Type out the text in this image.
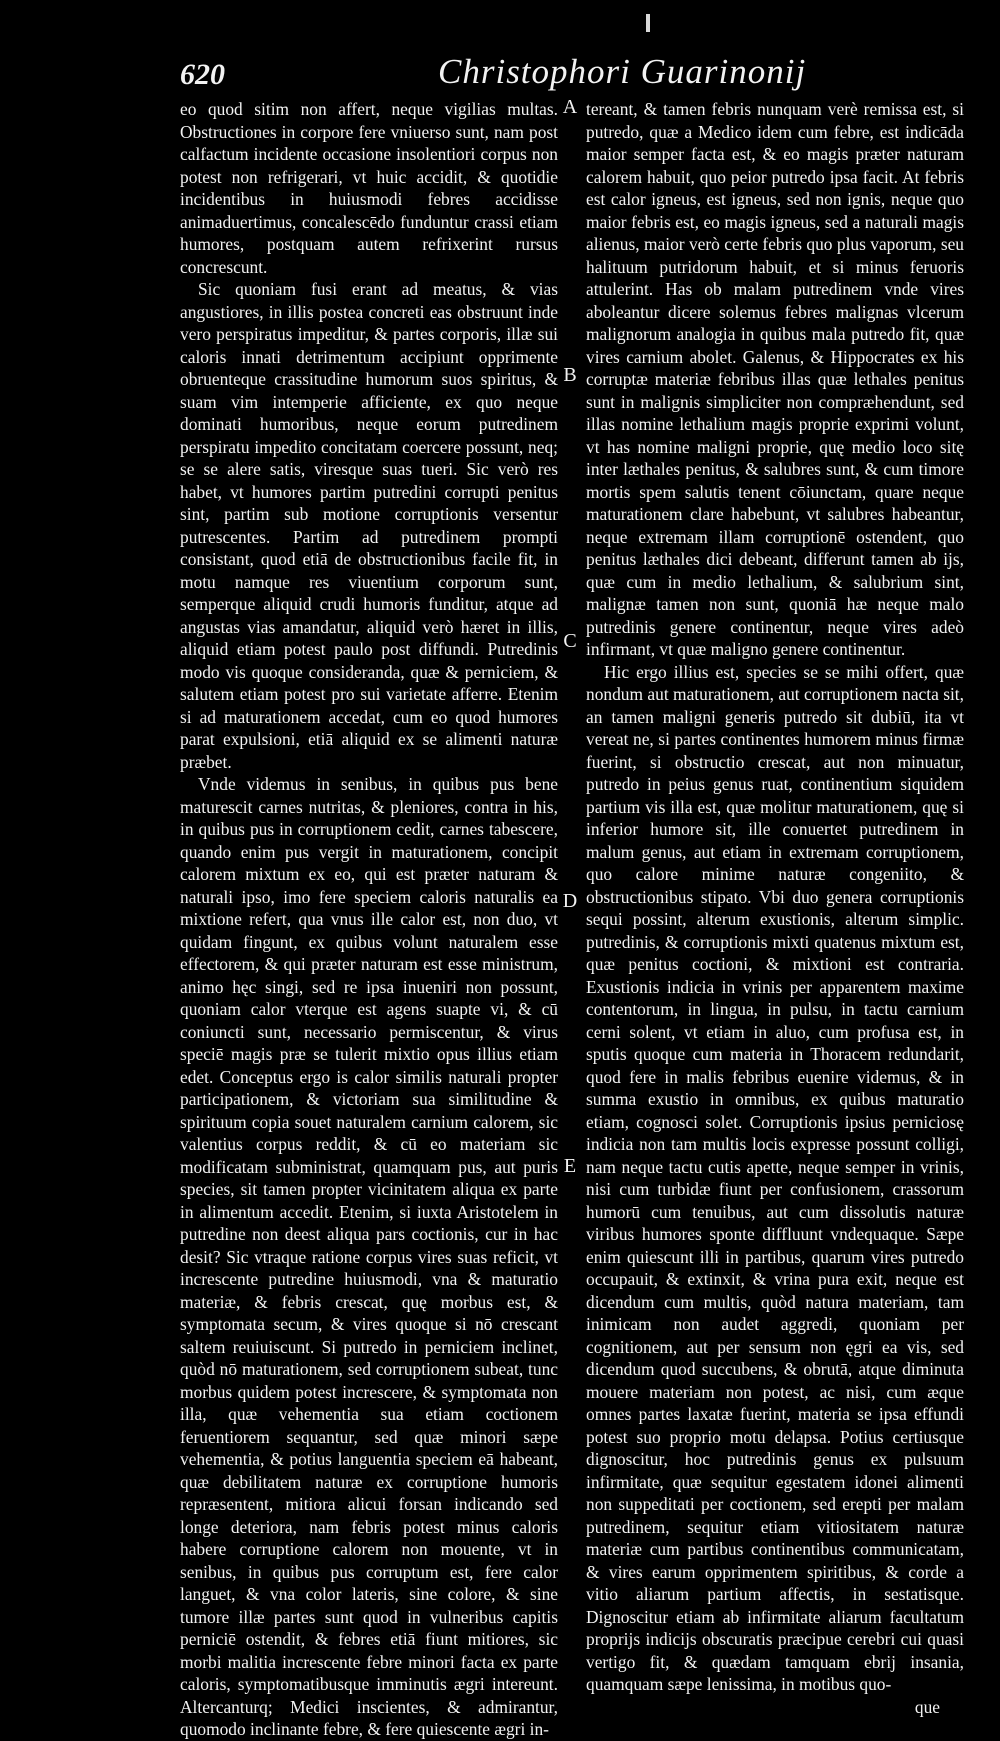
620	Christophori Guarinonij

eo quod sitim non affert, neque vigilias multas. Obstructiones in corpore fere vniuerso sunt, nam post calfactum incidente occasione insolentiori corpus non potest non refrigerari, vt huic accidit, & quotidie incidentibus in huiusmodi febres accidisse animaduertimus, concalescēdo funduntur crassi etiam humores, postquam autem refrixerint rursus concrescunt.

Sic quoniam fusi erant ad meatus, & vias angustiores, in illis postea concreti eas obstruunt inde vero perspiratus impeditur, & partes corporis, illæ sui caloris innati detrimentum accipiunt opprimente obruenteque crassitudine humorum suos spiritus, & suam vim intemperie afficiente, ex quo neque dominati humoribus, neque eorum putredinem perspiratu impedito concitatam coercere possunt, neq; se se alere satis, viresque suas tueri. Sic verò res habet, vt humores partim putredini corrupti penitus sint, partim sub motione corruptionis versentur putrescentes. Partim ad putredinem prompti consistant, quod etiā de obstructionibus facile fit, in motu namque res viuentium corporum sunt, semperque aliquid crudi humoris funditur, atque ad angustas vias amandatur, aliquid verò hæret in illis, aliquid etiam potest paulo post diffundi. Putredinis modo vis quoque consideranda, quæ & perniciem, & salutem etiam potest pro sui varietate afferre. Etenim si ad maturationem accedat, cum eo quod humores parat expulsioni, etiā aliquid ex se alimenti naturæ præbet.

Vnde videmus in senibus, in quibus pus bene maturescit carnes nutritas, & pleniores, contra in his, in quibus pus in corruptionem cedit, carnes tabescere, quando enim pus vergit in maturationem, concipit calorem mixtum ex eo, qui est præter naturam & naturali ipso, imo fere speciem caloris naturalis ea mixtione refert, qua vnus ille calor est, non duo, vt quidam fingunt, ex quibus volunt naturalem esse effectorem, & qui præter naturam est esse ministrum, animo hęc singi, sed re ipsa inueniri non possunt, quoniam calor vterque est agens suapte vi, & cū coniuncti sunt, necessario permiscentur, & virus speciē magis præ se tulerit mixtio opus illius etiam edet. Conceptus ergo is calor similis naturali propter participationem, & victoriam sua similitudine & spirituum copia souet naturalem carnium calorem, sic valentius corpus reddit, & cū eo materiam sic modificatam subministrat, quamquam pus, aut puris species, sit tamen propter vicinitatem aliqua ex parte in alimentum accedit. Etenim, si iuxta Aristotelem in putredine non deest aliqua pars coctionis, cur in hac desit? Sic vtraque ratione corpus vires suas reficit, vt increscente putredine huiusmodi, vna & maturatio materiæ, & febris crescat, quę morbus est, & symptomata secum, & vires quoque si nō crescant saltem reuiuiscunt. Si putredo in perniciem inclinet, quòd nō maturationem, sed corruptionem subeat, tunc morbus quidem potest increscere, & symptomata non illa, quæ vehementia sua etiam coctionem feruentiorem sequantur, sed quæ minori sæpe vehementia, & potius languentia speciem eā habeant, quæ debilitatem naturæ ex corruptione humoris repræsentent, mitiora alicui forsan indicando sed longe deteriora, nam febris potest minus caloris habere corruptione calorem non mouente, vt in senibus, in quibus pus corruptum est, fere calor languet, & vna color lateris, sine colore, & sine tumore illæ partes sunt quod in vulneribus capitis perniciē ostendit, & febres etiā fiunt mitiores, sic morbi malitia increscente febre minori facta ex parte caloris, symptomatibusque imminutis ægri intereunt. Altercanturq; Medici inscientes, & admirantur, quomodo inclinante febre, & fere quiescente ægri in-

A
B
C
D
E

tereant, & tamen febris nunquam verè remissa est, si putredo, quæ a Medico idem cum febre, est indicāda maior semper facta est, & eo magis præter naturam calorem habuit, quo peior putredo ipsa facit. At febris est calor igneus, est igneus, sed non ignis, neque quo maior febris est, eo magis igneus, sed a naturali magis alienus, maior verò certe febris quo plus vaporum, seu halituum putridorum habuit, et si minus feruoris attulerint. Has ob malam putredinem vnde vires aboleantur dicere solemus febres malignas vlcerum malignorum analogia in quibus mala putredo fit, quæ vires carnium abolet. Galenus, & Hippocrates ex his corruptæ materiæ febribus illas quæ lethales penitus sunt in malignis simpliciter non compræhendunt, sed illas nomine lethalium magis proprie exprimi volunt, vt has nomine maligni proprie, quę medio loco sitę inter læthales penitus, & salubres sunt, & cum timore mortis spem salutis tenent cōiunctam, quare neque maturationem clare habebunt, vt salubres habeantur, neque extremam illam corruptionē ostendent, quo penitus læthales dici debeant, differunt tamen ab ijs, quæ cum in medio lethalium, & salubrium sint, malignæ tamen non sunt, quoniā hæ neque malo putredinis genere continentur, neque vires adeò infirmant, vt quæ maligno genere continentur.

Hic ergo illius est, species se se mihi offert, quæ nondum aut maturationem, aut corruptionem nacta sit, an tamen maligni generis putredo sit dubiū, ita vt vereat ne, si partes continentes humorem minus firmæ fuerint, si obstructio crescat, aut non minuatur, putredo in peius genus ruat, continentium siquidem partium vis illa est, quæ molitur maturationem, quę si inferior humore sit, ille conuertet putredinem in malum genus, aut etiam in extremam corruptionem, quo calore minime naturæ congeniito, & obstructionibus stipato. Vbi duo genera corruptionis sequi possint, alterum exustionis, alterum simplic. putredinis, & corruptionis mixti quatenus mixtum est, quæ penitus coctioni, & mixtioni est contraria. Exustionis indicia in vrinis per apparentem maxime contentorum, in lingua, in pulsu, in tactu carnium cerni solent, vt etiam in aluo, cum profusa est, in sputis quoque cum materia in Thoracem redundarit, quod fere in malis febribus euenire videmus, & in summa exustio in omnibus, ex quibus maturatio etiam, cognosci solet. Corruptionis ipsius perniciosę indicia non tam multis locis expresse possunt colligi, nam neque tactu cutis apette, neque semper in vrinis, nisi cum turbidæ fiunt per confusionem, crassorum humorū cum tenuibus, aut cum dissolutis naturæ viribus humores sponte diffluunt vndequaque. Sæpe enim quiescunt illi in partibus, quarum vires putredo occupauit, & extinxit, & vrina pura exit, neque est dicendum cum multis, quòd natura materiam, tam inimicam non audet aggredi, quoniam per cognitionem, aut per sensum non ęgri ea vis, sed dicendum quod succubens, & obrutā, atque diminuta mouere materiam non potest, ac nisi, cum æque omnes partes laxatæ fuerint, materia se ipsa effundi potest suo proprio motu delapsa. Potius certiusque dignoscitur, hoc putredinis genus ex pulsuum infirmitate, quæ sequitur egestatem idonei alimenti non suppeditati per coctionem, sed erepti per malam putredinem, sequitur etiam vitiositatem naturæ materiæ cum partibus continentibus communicatam, & vires earum opprimentem spiritibus, & corde a vitio aliarum partium affectis, in sestatisque. Dignoscitur etiam ab infirmitate aliarum facultatum proprijs indicijs obscuratis præcipue cerebri cui quasi vertigo fit, & quædam tamquam ebrij insania, quamquam sæpe lenissima, in motibus quo-

que
